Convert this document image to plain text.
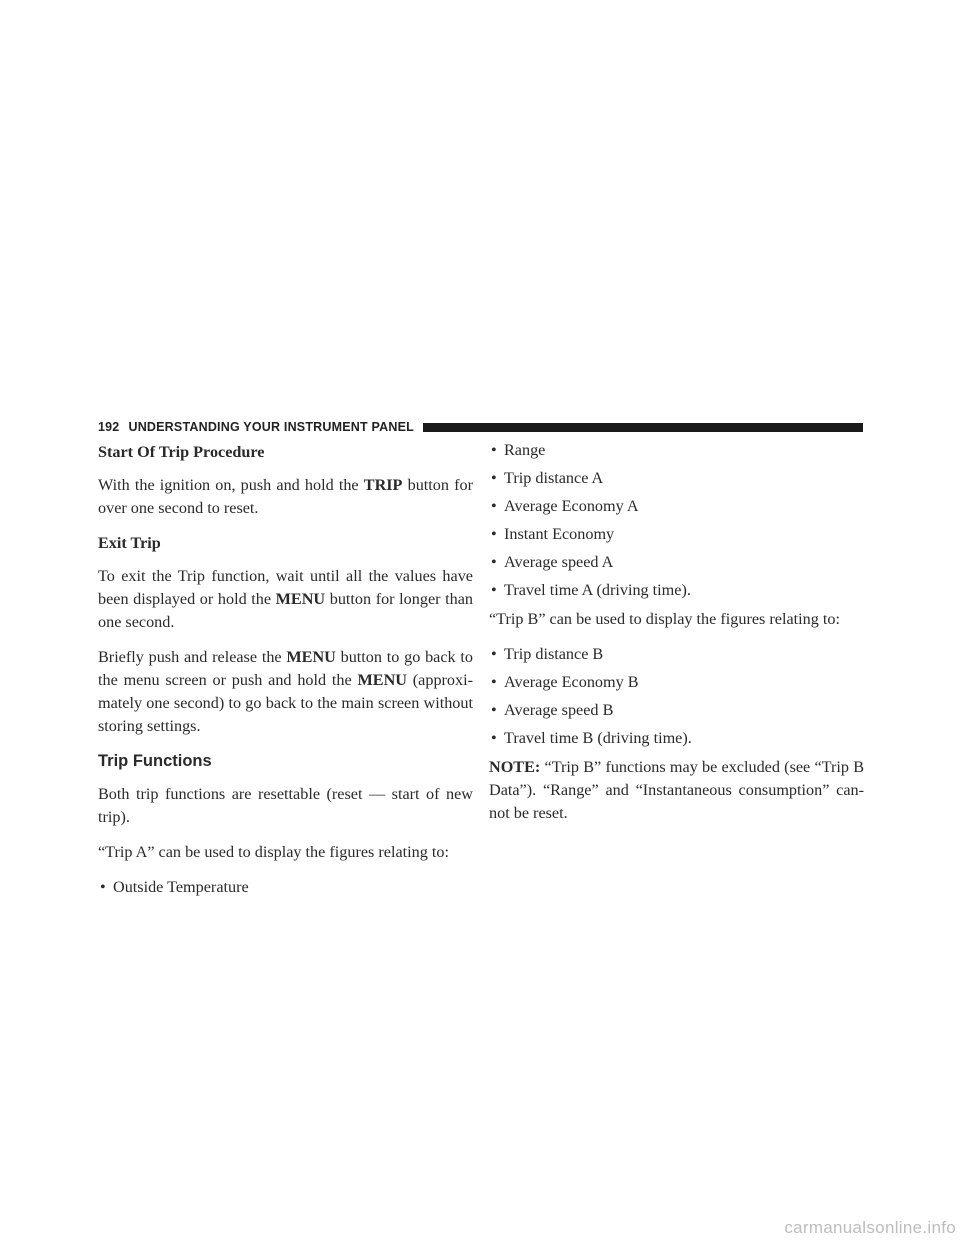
192 UNDERSTANDING YOUR INSTRUMENT PANEL
Start Of Trip Procedure

With the ignition on, push and hold the TRIP button for over one second to reset.

Exit Trip

To exit the Trip function, wait until all the values have been displayed or hold the MENU button for longer than one second.

Briefly push and release the MENU button to go back to the menu screen or push and hold the MENU (approxi-mately one second) to go back to the main screen without storing settings.

Trip Functions

Both trip functions are resettable (reset — start of new trip).

“Trip A” can be used to display the figures relating to:

• Outside Temperature
• Range
• Trip distance A
• Average Economy A
• Instant Economy
• Average speed A
• Travel time A (driving time).

“Trip B” can be used to display the figures relating to:

• Trip distance B
• Average Economy B
• Average speed B
• Travel time B (driving time).

NOTE: “Trip B” functions may be excluded (see “Trip B Data”). “Range” and “Instantaneous consumption” can-not be reset.

carmanualsonline.info
